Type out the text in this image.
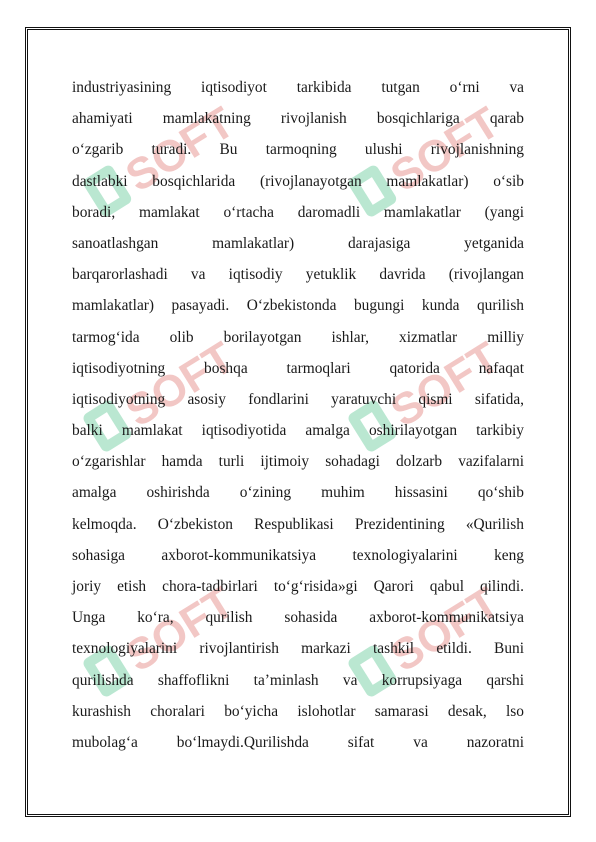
SOFT	SOFT
SOFT	SOFT
SOFT	SOFT
industriyasining iqtisodiyot tarkibida tutgan o‘rni va
ahamiyati mamlakatning rivojlanish bosqichlariga qarab
o‘zgarib turadi. Bu tarmoqning ulushi rivojlanishning
dastlabki bosqichlarida (rivojlanayotgan mamlakatlar) o‘sib
boradi, mamlakat o‘rtacha daromadli mamlakatlar (yangi
sanoatlashgan mamlakatlar) darajasiga yetganida
barqarorlashadi va iqtisodiy yetuklik davrida (rivojlangan
mamlakatlar) pasayadi. O‘zbekistonda bugungi kunda qurilish
tarmog‘ida olib borilayotgan ishlar, xizmatlar milliy
iqtisodiyotning boshqa tarmoqlari qatorida nafaqat
iqtisodiyotning asosiy fondlarini yaratuvchi qismi sifatida,
balki mamlakat iqtisodiyotida amalga oshirilayotgan tarkibiy
o‘zgarishlar hamda turli ijtimoiy sohadagi dolzarb vazifalarni
amalga oshirishda o‘zining muhim hissasini qo‘shib
kelmoqda. O‘zbekiston Respublikasi Prezidentining «Qurilish
sohasiga axborot-kommunikatsiya texnologiyalarini keng
joriy etish chora-tadbirlari to‘g‘risida»gi Qarori qabul qilindi.
Unga ko‘ra, qurilish sohasida axborot-kommunikatsiya
texnologiyalarini rivojlantirish markazi tashkil etildi. Buni
qurilishda shaffoflikni ta’minlash va korrupsiyaga qarshi
kurashish choralari bo‘yicha islohotlar samarasi desak, lso
mubolag‘a bo‘lmaydi.Qurilishda sifat va nazoratni
